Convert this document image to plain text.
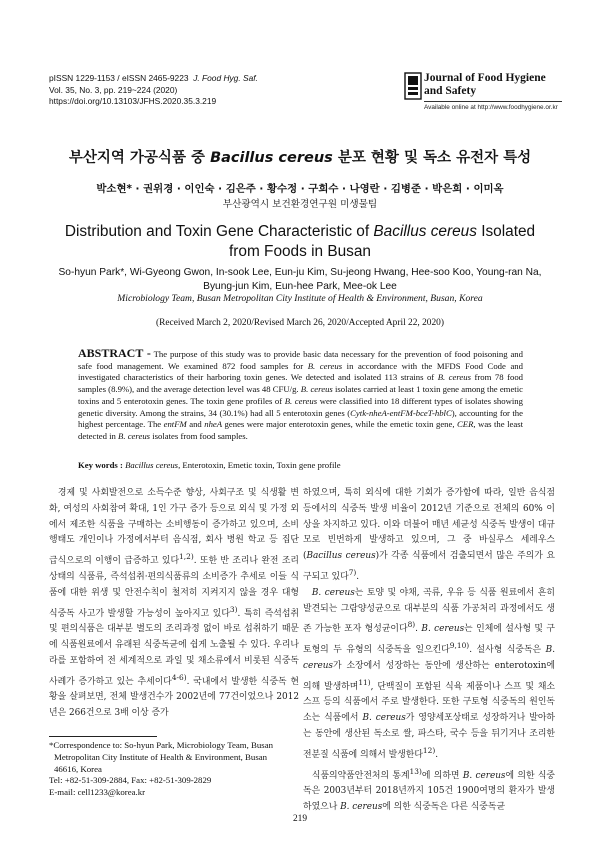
pISSN 1229-1153 / eISSN 2465-9223 J. Food Hyg. Saf.
Vol. 35, No. 3, pp. 219~224 (2020)
https://doi.org/10.13103/JFHS.2020.35.3.219
Journal of Food Hygiene
and Safety
Available online at http://www.foodhygiene.or.kr
부산지역 가공식품 중 Bacillus cereus 분포 현황 및 독소 유전자 특성
박소현* · 권위경 · 이인숙 · 김은주 · 황수정 · 구희수 · 나영란 · 김병준 · 박은희 · 이미옥
부산광역시 보건환경연구원 미생물팀
Distribution and Toxin Gene Characteristic of Bacillus cereus Isolated
from Foods in Busan
So-hyun Park*, Wi-Gyeong Gwon, In-sook Lee, Eun-ju Kim, Su-jeong Hwang, Hee-soo Koo, Young-ran Na,
Byung-jun Kim, Eun-hee Park, Mee-ok Lee
Microbiology Team, Busan Metropolitan City Institute of Health & Environment, Busan, Korea
(Received March 2, 2020/Revised March 26, 2020/Accepted April 22, 2020)
ABSTRACT - The purpose of this study was to provide basic data necessary for the prevention of food poisoning and safe food management. We examined 872 food samples for B. cereus in accordance with the MFDS Food Code and investigated characteristics of their harboring toxin genes. We detected and isolated 113 strains of B. cereus from 78 food samples (8.9%), and the average detection level was 48 CFU/g. B. cereus isolates carried at least 1 toxin gene among the emetic toxins and 5 enterotoxin genes. The toxin gene profiles of B. cereus were classified into 18 different types of isolates showing genetic diversity. Among the strains, 34 (30.1%) had all 5 enterotoxin genes (Cytk-nheA-entFM-bceT-hblC), accounting for the highest percentage. The entFM and nheA genes were major enterotoxin genes, while the emetic toxin gene, CER, was the least detected in B. cereus isolates from food samples.
Key words : Bacillus cereus, Enterotoxin, Emetic toxin, Toxin gene profile

경제 및 사회발전으로 소득수준 향상, 사회구조 및 식생활 변화, 여성의 사회참여 확대, 1인 가구 증가 등으로 외식 및 가정 외에서 제조한 식품을 구매하는 소비행동이 증가하고 있으며, 소비행태도 개인이나 가정에서부터 음식점, 회사 병원 학교 등 집단 급식으로의 이행이 급증하고 있다$^{1,2)}$. 또한 반 조리나 완전 조리 상태의 식품류, 즉석섭취·편의식품류의 소비증가 추세로 이들 식품에 대한 위생 및 안전수칙이 철저히 지켜지지 않을 경우 대형 식중독 사고가 발생할 가능성이 높아지고 있다$^{3)}$. 특히 즉석섭취 및 편의식품은 대부분 별도의 조리과정 없이 바로 섭취하기 때문에 식품원료에서 유래된 식중독균에 쉽게 노출될 수 있다. 우리나라를 포함하여 전 세계적으로 과일 및 채소류에서 비롯된 식중독 사례가 증가하고 있는 추세이다$^{4-6)}$. 국내에서 발생한 식중독 현황을 살펴보면, 전체 발생건수가 2002년에 77건이었으나 2012년은 266건으로 3배 이상 증가

하였으며, 특히 외식에 대한 기회가 증가함에 따라, 일반 음식점 등에서의 식중독 발생 비율이 2012년 기준으로 전체의 60% 이상을 차지하고 있다. 이와 더불어 매년 세균성 식중독 발생이 대규모로 빈번하게 발생하고 있으며, 그 중 바실루스 세레우스(Bacillus cereus)가 각종 식품에서 검출되면서 많은 주의가 요구되고 있다$^{7)}$.

B. cereus는 토양 및 야채, 곡류, 우유 등 식품 원료에서 흔히 발견되는 그람양성균으로 대부분의 식품 가공처리 과정에서도 생존 가능한 포자 형성균이다$^{8)}$. B. cereus는 인체에 설사형 및 구토형의 두 유형의 식중독을 일으킨다$^{9,10)}$. 설사형 식중독은 B. cereus가 소장에서 성장하는 동안에 생산하는 enterotoxin에 의해 발생하며$^{11)}$, 단백질이 포함된 식육 제품이나 스프 및 채소스프 등의 식품에서 주로 발생한다. 또한 구토형 식중독의 원인독소는 식품에서 B. cereus가 영양세포상태로 성장하거나 발아하는 동안에 생산된 독소로 쌀, 파스타, 국수 등을 뒤기거나 조리한 전분질 식품에 의해서 발생한다$^{12)}$.

식품의약품안전처의 통계$^{13)}$에 의하면 B. cereus에 의한 식중독은 2003년부터 2018년까지 105건 1900여명의 환자가 발생하였으나 B. cereus에 의한 식중독은 다른 식중독균

*Correspondence to: So-hyun Park, Microbiology Team, Busan
Metropolitan City Institute of Health & Environment, Busan
46616, Korea
Tel: +82-51-309-2884, Fax: +82-51-309-2829
E-mail: cell1233@korea.kr
219
